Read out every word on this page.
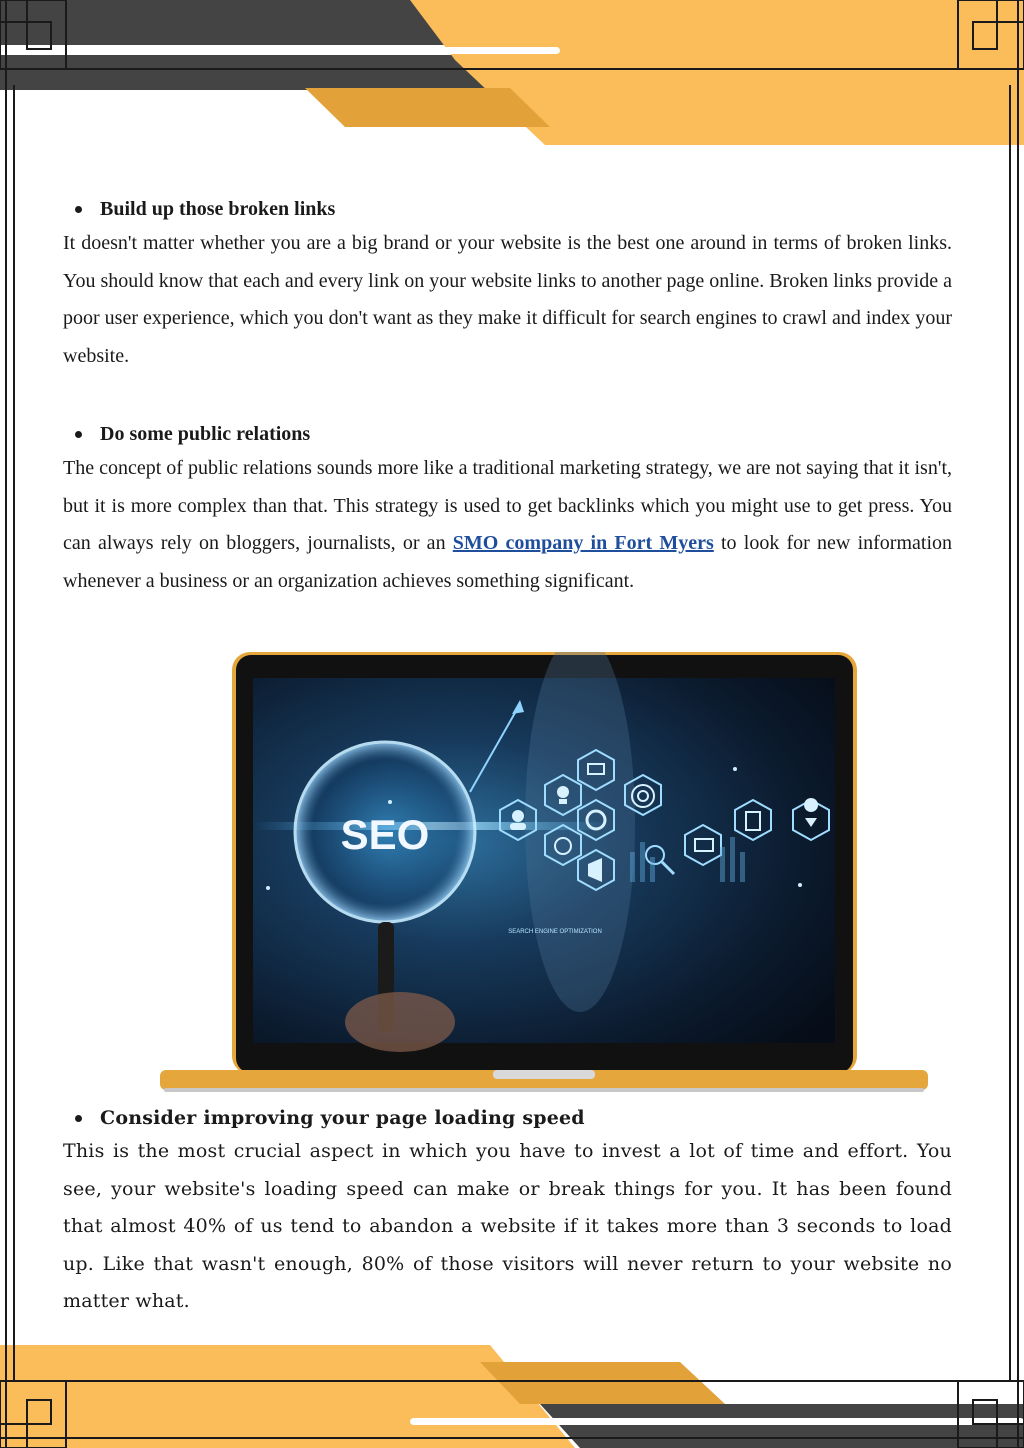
Build up those broken links
It doesn't matter whether you are a big brand or your website is the best one around in terms of broken links. You should know that each and every link on your website links to another page online. Broken links provide a poor user experience, which you don't want as they make it difficult for search engines to crawl and index your website.
Do some public relations
The concept of public relations sounds more like a traditional marketing strategy, we are not saying that it isn't, but it is more complex than that. This strategy is used to get backlinks which you might use to get press. You can always rely on bloggers, journalists, or an SMO company in Fort Myers to look for new information whenever a business or an organization achieves something significant.
SEO
SEARCH ENGINE OPTIMIZATION
Consider improving your page loading speed
This is the most crucial aspect in which you have to invest a lot of time and effort. You see, your website's loading speed can make or break things for you. It has been found that almost 40% of us tend to abandon a website if it takes more than 3 seconds to load up. Like that wasn't enough, 80% of those visitors will never return to your website no matter what.
